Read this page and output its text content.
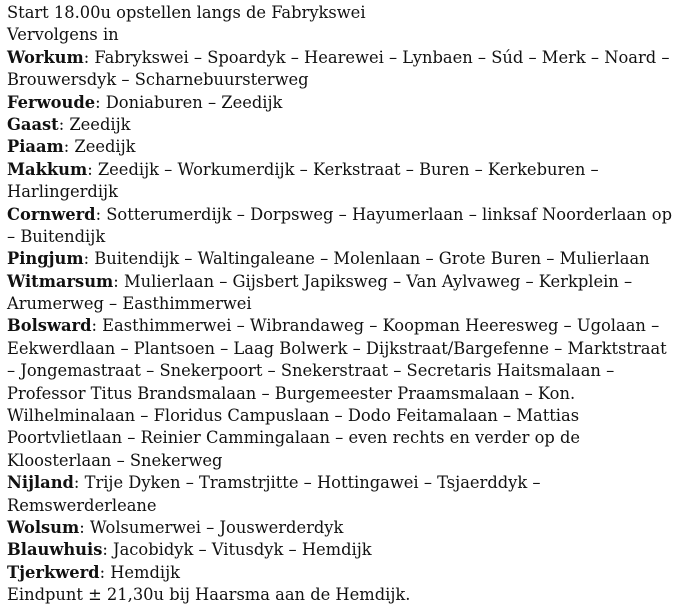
Start 18.00u opstellen langs de Fabrykswei
Vervolgens in
Workum: Fabrykswei – Spoardyk – Hearewei – Lynbaen – Súd – Merk – Noard –
Brouwersdyk – Scharnebuursterweg
Ferwoude: Doniaburen – Zeedijk
Gaast: Zeedijk
Piaam: Zeedijk
Makkum: Zeedijk – Workumerdijk – Kerkstraat – Buren – Kerkeburen –
Harlingerdijk
Cornwerd: Sotterumerdijk – Dorpsweg – Hayumerlaan – linksaf Noorderlaan op
– Buitendijk
Pingjum: Buitendijk – Waltingaleane – Molenlaan – Grote Buren – Mulierlaan
Witmarsum: Mulierlaan – Gijsbert Japiksweg – Van Aylvaweg – Kerkplein –
Arumerweg – Easthimmerwei
Bolsward: Easthimmerwei – Wibrandaweg – Koopman Heeresweg – Ugolaan –
Eekwerdlaan – Plantsoen – Laag Bolwerk – Dijkstraat/Bargefenne – Marktstraat
– Jongemastraat – Snekerpoort – Snekerstraat – Secretaris Haitsmalaan –
Professor Titus Brandsmalaan – Burgemeester Praamsmalaan – Kon.
Wilhelminalaan – Floridus Campuslaan – Dodo Feitamalaan – Mattias
Poortvlietlaan – Reinier Cammingalaan – even rechts en verder op de
Kloosterlaan – Snekerweg
Nijland: Trije Dyken – Tramstrjitte – Hottingawei – Tsjaerddyk –
Remswerderleane
Wolsum: Wolsumerwei – Jouswerderdyk
Blauwhuis: Jacobidyk – Vitusdyk – Hemdijk
Tjerkwerd: Hemdijk
Eindpunt ± 21,30u bij Haarsma aan de Hemdijk.
